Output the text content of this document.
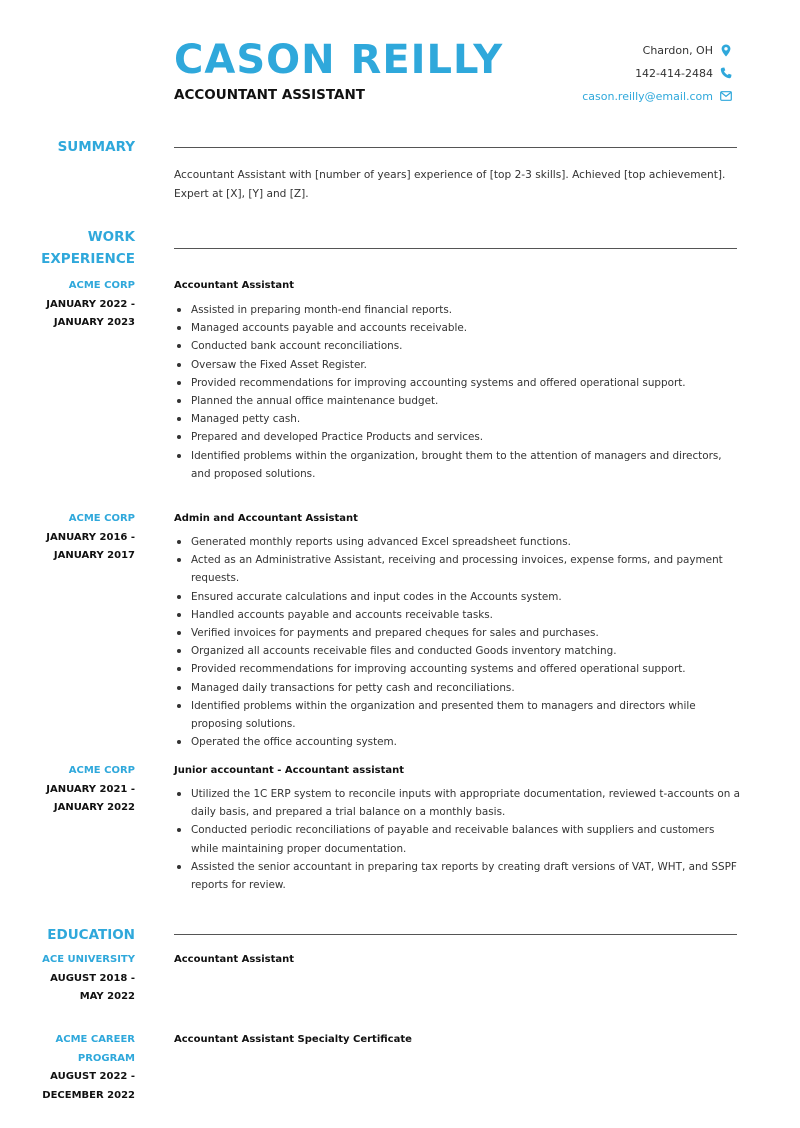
CASON REILLY
ACCOUNTANT ASSISTANT
Chardon, OH
142-414-2484
cason.reilly@email.com
SUMMARY

Accountant Assistant with [number of years] experience of [top 2-3 skills]. Achieved [top achievement]. Expert at [X], [Y] and [Z].

WORK
EXPERIENCE
ACME CORP
JANUARY 2022 -
JANUARY 2023
Accountant Assistant
Assisted in preparing month-end financial reports.
Managed accounts payable and accounts receivable.
Conducted bank account reconciliations.
Oversaw the Fixed Asset Register.
Provided recommendations for improving accounting systems and offered operational support.
Planned the annual office maintenance budget.
Managed petty cash.
Prepared and developed Practice Products and services.
Identified problems within the organization, brought them to the attention of managers and directors, and proposed solutions.
ACME CORP
JANUARY 2016 -
JANUARY 2017
Admin and Accountant Assistant
Generated monthly reports using advanced Excel spreadsheet functions.
Acted as an Administrative Assistant, receiving and processing invoices, expense forms, and payment requests.
Ensured accurate calculations and input codes in the Accounts system.
Handled accounts payable and accounts receivable tasks.
Verified invoices for payments and prepared cheques for sales and purchases.
Organized all accounts receivable files and conducted Goods inventory matching.
Provided recommendations for improving accounting systems and offered operational support.
Managed daily transactions for petty cash and reconciliations.
Identified problems within the organization and presented them to managers and directors while proposing solutions.
Operated the office accounting system.
ACME CORP
JANUARY 2021 -
JANUARY 2022
Junior accountant - Accountant assistant
Utilized the 1C ERP system to reconcile inputs with appropriate documentation, reviewed t-accounts on a daily basis, and prepared a trial balance on a monthly basis.
Conducted periodic reconciliations of payable and receivable balances with suppliers and customers while maintaining proper documentation.
Assisted the senior accountant in preparing tax reports by creating draft versions of VAT, WHT, and SSPF reports for review.
EDUCATION
ACE UNIVERSITY
AUGUST 2018 -
MAY 2022
Accountant Assistant
ACME CAREER
PROGRAM
AUGUST 2022 -
DECEMBER 2022
Accountant Assistant Specialty Certificate
